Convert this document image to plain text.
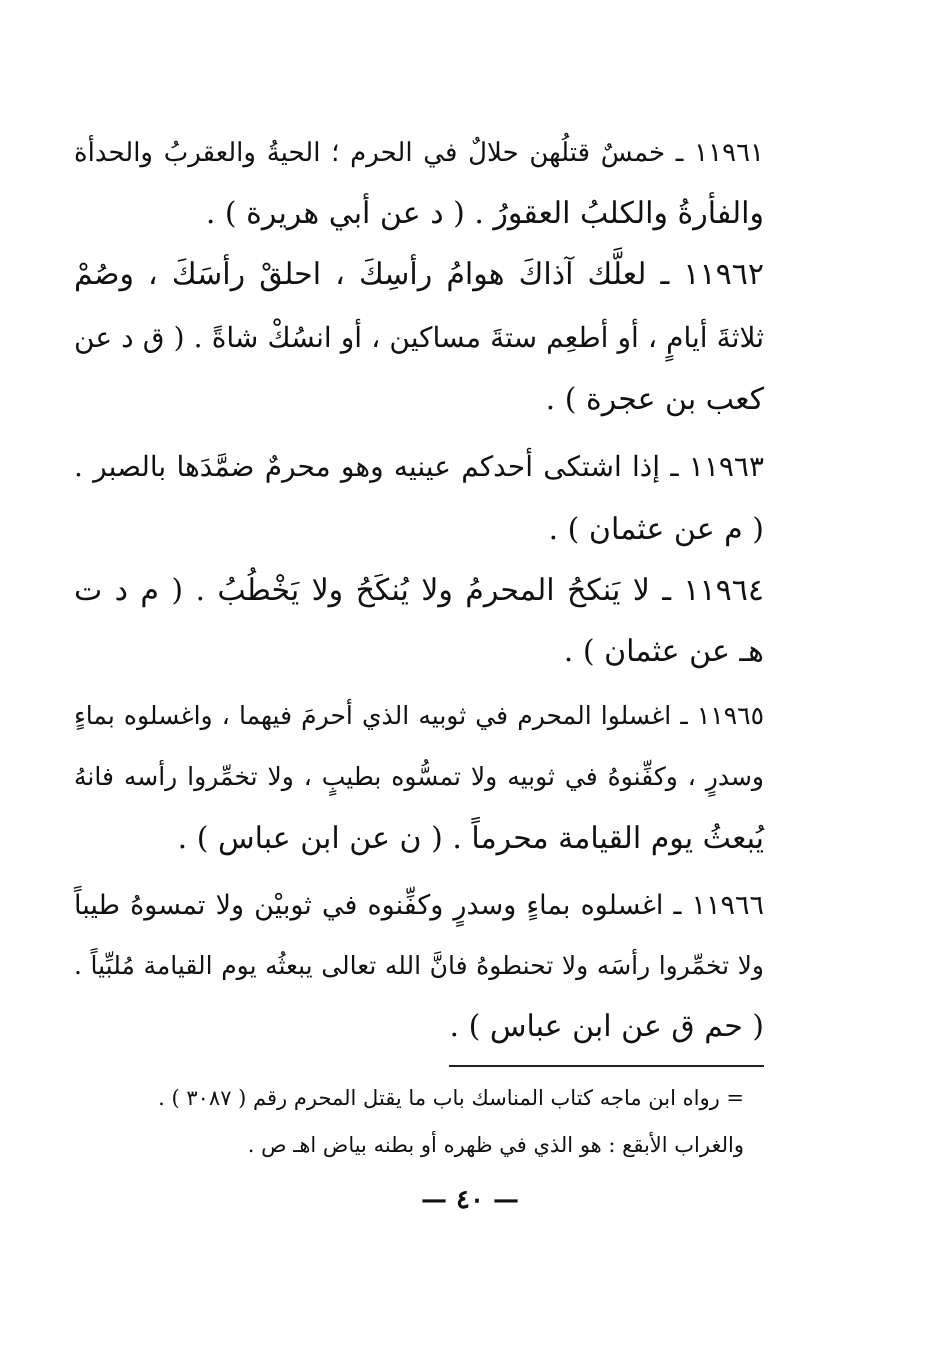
١١٩٦١ ـ خمسٌ قتلُهن حلالٌ في الحرم ؛ الحيةُ والعقربُ والحدأة
والفأرةُ والكلبُ العقورُ . ( د عن أبي هريرة ) .
١١٩٦٢ ـ لعلَّك آذاكَ هوامُ رأسِكَ ، احلقْ رأسَكَ ، وصُمْ
ثلاثةَ أيامٍ ، أو أطعِم ستةَ مساكين ، أو انسُكْ شاةً . ( ق د عن
كعب بن عجرة ) .
١١٩٦٣ ـ إذا اشتكى أحدكم عينيه وهو محرمٌ ضمَّدَها بالصبر .
( م عن عثمان ) .
١١٩٦٤ ـ لا يَنكحُ المحرمُ ولا يُنكَحُ ولا يَخْطُبُ . ( م د ت
هـ عن عثمان ) .
١١٩٦٥ ـ اغسلوا المحرم في ثوبيه الذي أحرمَ فيهما ، واغسلوه بماءٍ
وسدرٍ ، وكفِّنوهُ في ثوبيه ولا تمسُّوه بطيبٍ ، ولا تخمِّروا رأسه فانهُ
يُبعثُ يوم القيامة محرماً . ( ن عن ابن عباس ) .
١١٩٦٦ ـ اغسلوه بماءٍ وسدرٍ وكفِّنوه في ثوبيْن ولا تمسوهُ طيباً
ولا تخمِّروا رأسَه ولا تحنطوهُ فانَّ الله تعالى يبعثُه يوم القيامة مُلبِّياً .
( حم ق عن ابن عباس ) .
= رواه ابن ماجه كتاب المناسك باب ما يقتل المحرم رقم ( ٣٠٨٧ ) .
والغراب الأبقع : هو الذي في ظهره أو بطنه بياض اهـ ص .
— ٤٠ —
